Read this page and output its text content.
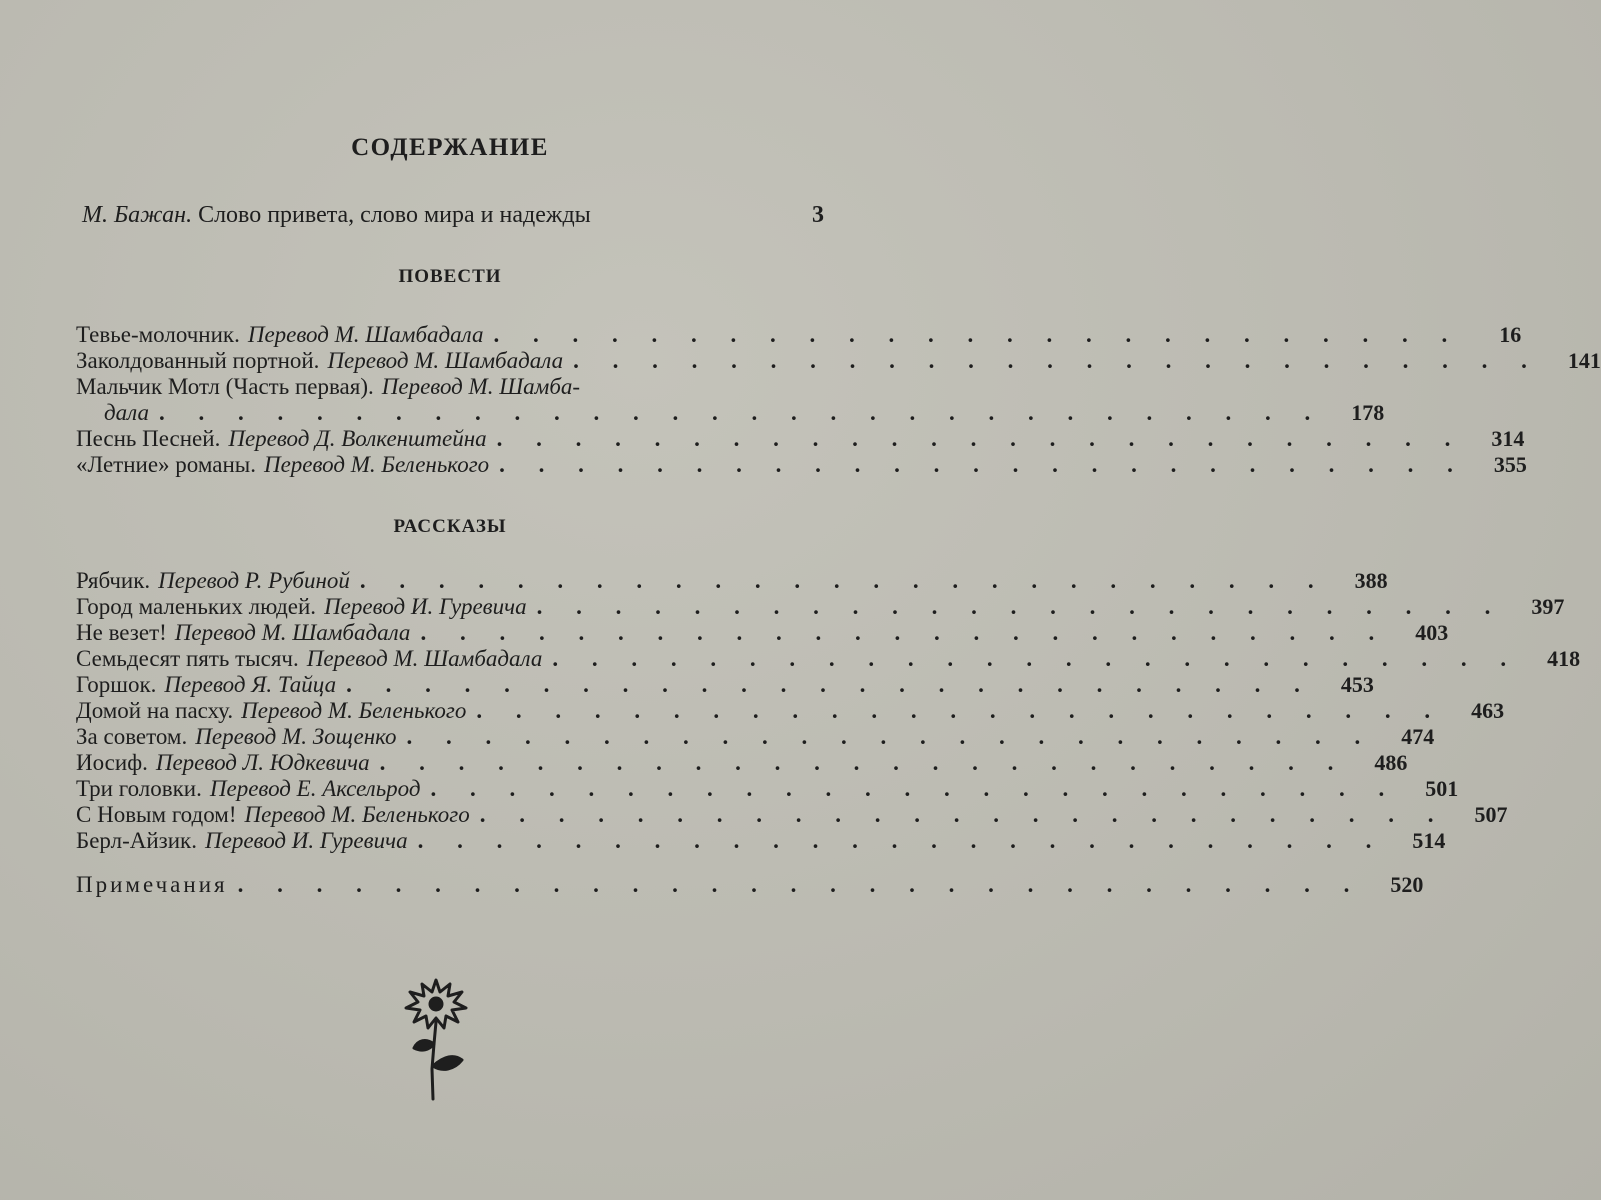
СОДЕРЖАНИЕ
М. Бажан. Слово привета, слово мира и надежды	3
ПОВЕСТИ
Тевье-молочник. Перевод М. Шамбадала . . . . . . . . . . . . . . . . . . . . . . . . .	16
Заколдованный портной. Перевод М. Шамбадала . . . . . . . . . . . . . . . . . . . . . . . . .	141
Мальчик Мотл (Часть первая). Перевод М. Шамба-
дала . . . . . . . . . . . . . . . . . . . . . . . . . . . . . .	178
Песнь Песней. Перевод Д. Волкенштейна . . . . . . . . . . . . . . . . . . . . . . . . .	314
«Летние» романы. Перевод М. Беленького . . . . . . . . . . . . . . . . . . . . . . . . .	355
РАССКАЗЫ
Рябчик. Перевод Р. Рубиной . . . . . . . . . . . . . . . . . . . . . . . . .	388
Город маленьких людей. Перевод И. Гуревича . . . . . . . . . . . . . . . . . . . . . . . . .	397
Не везет! Перевод М. Шамбадала . . . . . . . . . . . . . . . . . . . . . . . . .	403
Семьдесят пять тысяч. Перевод М. Шамбадала . . . . . . . . . . . . . . . . . . . . . . . . .	418
Горшок. Перевод Я. Тайца . . . . . . . . . . . . . . . . . . . . . . . . .	453
Домой на пасху. Перевод М. Беленького . . . . . . . . . . . . . . . . . . . . . . . . .	463
За советом. Перевод М. Зощенко . . . . . . . . . . . . . . . . . . . . . . . . .	474
Иосиф. Перевод Л. Юдкевича . . . . . . . . . . . . . . . . . . . . . . . . .	486
Три головки. Перевод Е. Аксельрод . . . . . . . . . . . . . . . . . . . . . . . . .	501
С Новым годом! Перевод М. Беленького . . . . . . . . . . . . . . . . . . . . . . . . .	507
Берл-Айзик. Перевод И. Гуревича . . . . . . . . . . . . . . . . . . . . . . . . .	514
Примечания . . . . . . . . . . . . . . . . . . . . . . . . . . . . .	520
